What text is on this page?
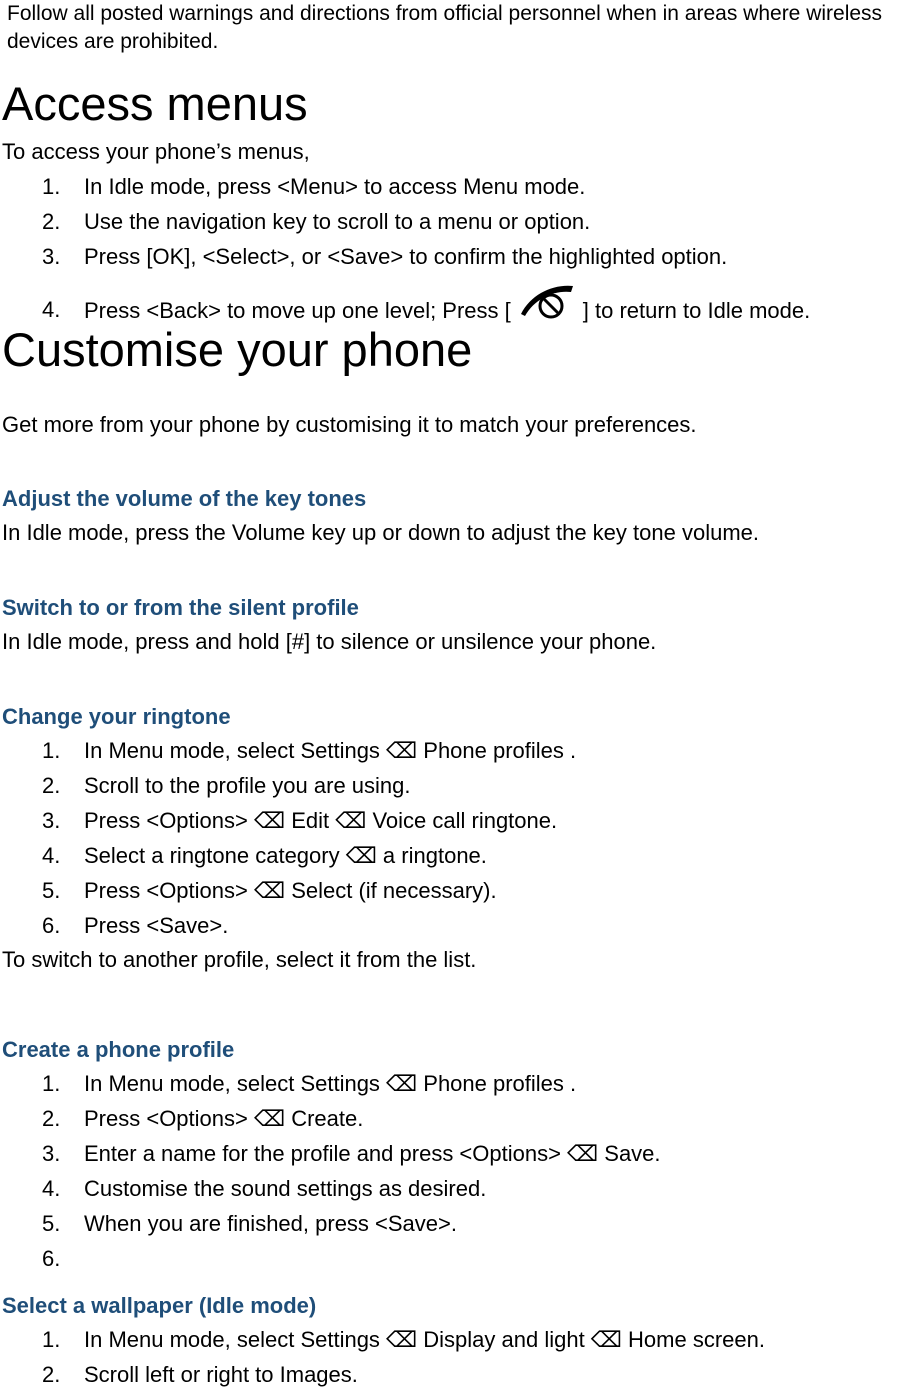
Follow all posted warnings and directions from official personnel when in areas where wireless devices are prohibited.
Access menus

To access your phone’s menus,

1. In Idle mode, press <Menu> to access Menu mode.
2. Use the navigation key to scroll to a menu or option.
3. Press [OK], <Select>, or <Save> to confirm the highlighted option.
4. Press <Back> to move up one level; Press [	] to return to Idle mode.
Customise your phone

Get more from your phone by customising it to match your preferences.

Adjust the volume of the key tones

In Idle mode, press the Volume key up or down to adjust the key tone volume.

Switch to or from the silent profile

In Idle mode, press and hold [#] to silence or unsilence your phone.

Change your ringtone
1. In Menu mode, select Settings ⌫ Phone profiles .
2. Scroll to the profile you are using.
3. Press <Options> ⌫ Edit ⌫ Voice call ringtone.
4. Select a ringtone category ⌫ a ringtone.
5. Press <Options> ⌫ Select (if necessary).
6. Press <Save>.

To switch to another profile, select it from the list.

Create a phone profile
1. In Menu mode, select Settings ⌫ Phone profiles .
2. Press <Options> ⌫ Create.
3. Enter a name for the profile and press <Options> ⌫ Save.
4. Customise the sound settings as desired.
5. When you are finished, press <Save>.
6.
Select a wallpaper (Idle mode)
1. In Menu mode, select Settings ⌫ Display and light ⌫ Home screen.
2. Scroll left or right to Images.
